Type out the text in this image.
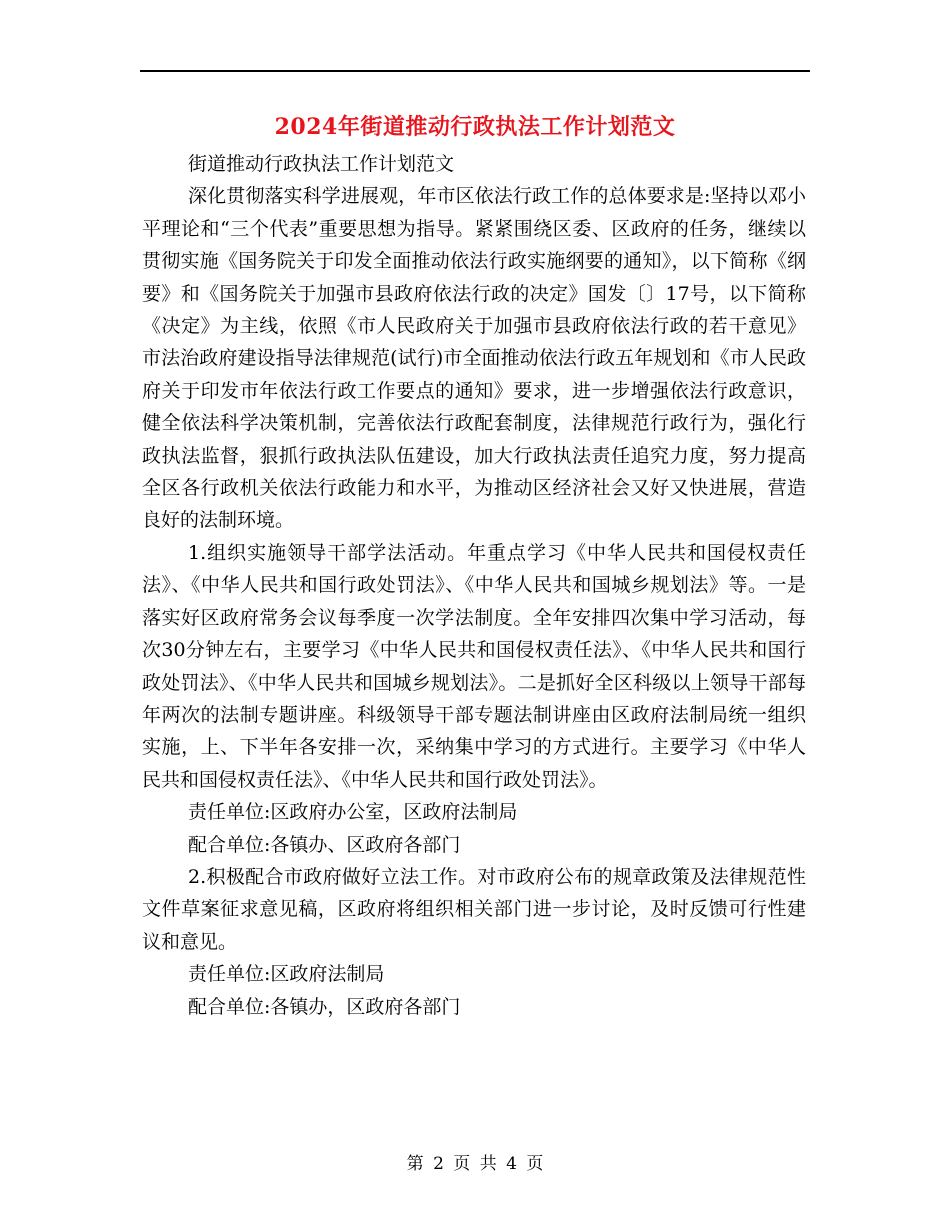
2024年街道推动行政执法工作计划范文

街道推动行政执法工作计划范文

深化贯彻落实科学进展观，年市区依法行政工作的总体要求是:坚持以邓小平理论和“三个代表”重要思想为指导。紧紧围绕区委、区政府的任务，继续以贯彻实施《国务院关于印发全面推动依法行政实施纲要的通知》，以下简称《纲要》和《国务院关于加强市县政府依法行政的决定》国发〔〕17号，以下简称《决定》为主线，依照《市人民政府关于加强市县政府依法行政的若干意见》市法治政府建设指导法律规范(试行)市全面推动依法行政五年规划和《市人民政府关于印发市年依法行政工作要点的通知》要求，进一步增强依法行政意识，健全依法科学决策机制，完善依法行政配套制度，法律规范行政行为，强化行政执法监督，狠抓行政执法队伍建设，加大行政执法责任追究力度，努力提高全区各行政机关依法行政能力和水平，为推动区经济社会又好又快进展，营造良好的法制环境。

1.组织实施领导干部学法活动。年重点学习《中华人民共和国侵权责任法》、《中华人民共和国行政处罚法》、《中华人民共和国城乡规划法》等。一是落实好区政府常务会议每季度一次学法制度。全年安排四次集中学习活动，每次30分钟左右，主要学习《中华人民共和国侵权责任法》、《中华人民共和国行政处罚法》、《中华人民共和国城乡规划法》。二是抓好全区科级以上领导干部每年两次的法制专题讲座。科级领导干部专题法制讲座由区政府法制局统一组织实施，上、下半年各安排一次，采纳集中学习的方式进行。主要学习《中华人民共和国侵权责任法》、《中华人民共和国行政处罚法》。

责任单位:区政府办公室，区政府法制局

配合单位:各镇办、区政府各部门

2.积极配合市政府做好立法工作。对市政府公布的规章政策及法律规范性文件草案征求意见稿，区政府将组织相关部门进一步讨论，及时反馈可行性建议和意见。

责任单位:区政府法制局

配合单位:各镇办，区政府各部门

第 2 页 共 4 页
